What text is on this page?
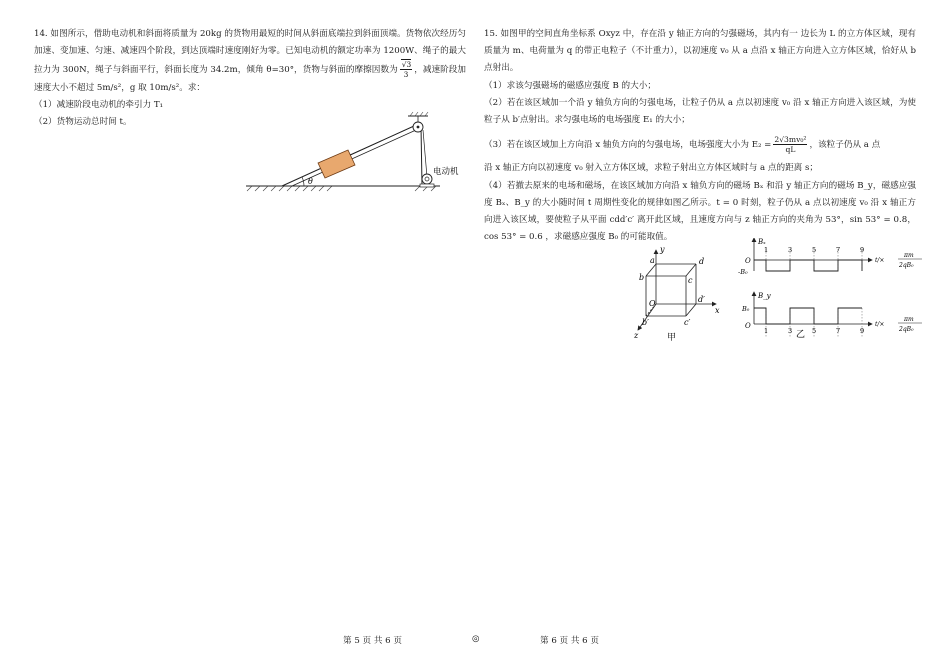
14. 如图所示，借助电动机和斜面将质量为 20kg 的货物用最短的时间从斜面底端拉到斜面顶端。货物依次经历匀加速、变加速、匀速、减速四个阶段，到达顶端时速度刚好为零。已知电动机的额定功率为 1200W、绳子的最大拉力为 300N，绳子与斜面平行，斜面长度为 34.2m，倾角 θ=30°，货物与斜面的摩擦因数为
√ $\frac{3}{3}$ ，减速阶段加速度大小不超过 5m/s²，g 取 10m/s²。求：

（1）减速阶段电动机的牵引力 T₁

（2）货物运动总时间 t。

θ
电动机

15. 如图甲的空间直角坐标系 Oxyz 中，存在沿 y 轴正方向的匀强磁场，其内有一 边长为 L 的立方体区域，现有质量为 m、电荷量为 q 的带正电粒子（不计重力），以初速度 v₀ 从 a 点沿 x 轴正方向进入立方体区域，恰好从 b 点射出。

（1）求该匀强磁场的磁感应强度 B 的大小；

（2）若在该区域加一个沿 y 轴负方向的匀强电场，让粒子仍从 a 点以初速度 v₀ 沿 x 轴正方向进入该区域，为使粒子从 b′点射出。求匀强电场的电场强度 E₁ 的大小；

（3）若在该区域加上方向沿 x 轴负方向的匀强电场，电场强度大小为 $E_2 = \frac{\text{2√3mv₀²}}{qL}$ ，该粒子仍从 a 点

沿 x 轴正方向以初速度 v₀ 射入立方体区域，求粒子射出立方体区域时与 a 点的距离 s；

（4）若撤去原来的电场和磁场，在该区域加方向沿 x 轴负方向的磁场 Bₓ 和沿 y 轴正方向的磁场 B_y，磁感应强度 Bₓ、B_y 的大小随时间 t 周期性变化的规律如图乙所示。t = 0 时刻，粒子仍从 a 点以初速度 v₀ 沿 x 轴正方向进入该区域，要使粒子从平面 cdd′c′ 离开此区域，且速度方向与 z 轴正方向的夹角为 53°，sin 53° = 0.8，cos 53° = 0.6 ，求磁感应强度 B₀ 的可能取值。

y
a	d
b	c
O	d′
x
b′	c′
z	甲
Bₓ
O
-B₀
1	3	5	7	9
t/×
πm
2qB₀
B_y
O
B₀
1	3	5	7	9
t/×
πm
2qB₀
乙
第 5 页 共 6 页	◎	第 6 页 共 6 页
